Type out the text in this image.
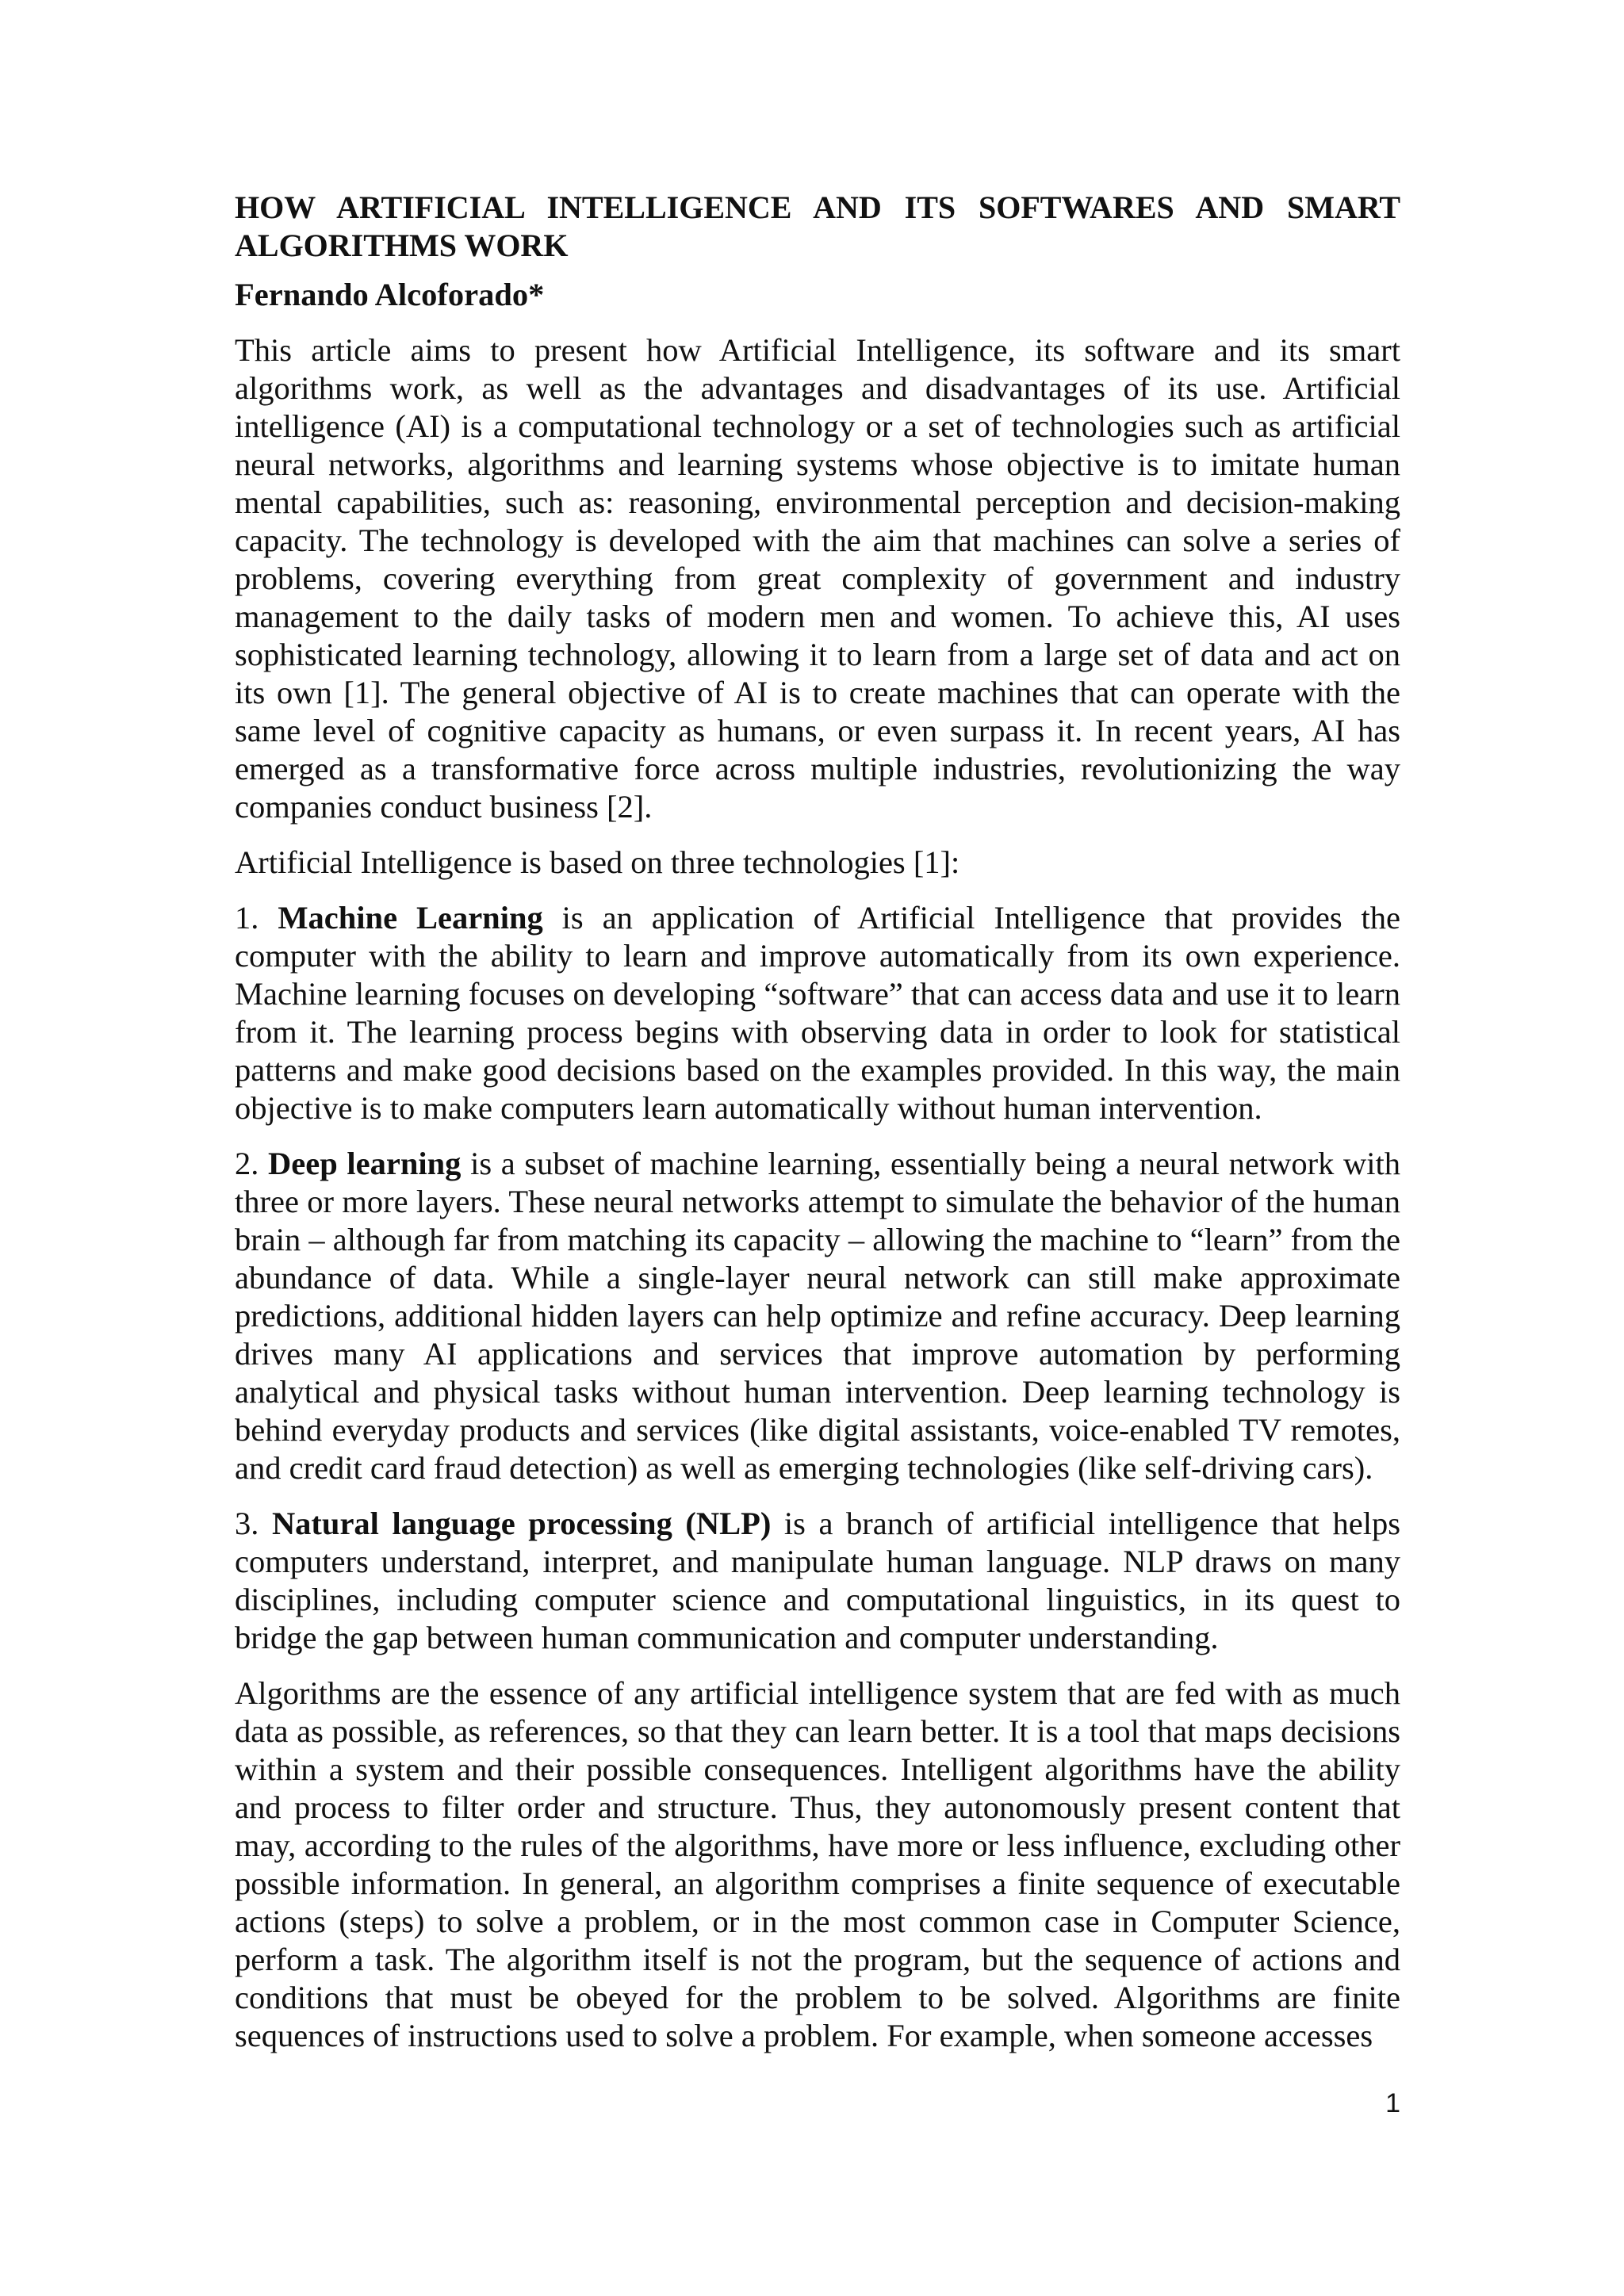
HOW ARTIFICIAL INTELLIGENCE AND ITS SOFTWARES AND SMART ALGORITHMS WORK
Fernando Alcoforado*

This article aims to present how Artificial Intelligence, its software and its smart algorithms work, as well as the advantages and disadvantages of its use. Artificial intelligence (AI) is a computational technology or a set of technologies such as artificial neural networks, algorithms and learning systems whose objective is to imitate human mental capabilities, such as: reasoning, environmental perception and decision-making capacity. The technology is developed with the aim that machines can solve a series of problems, covering everything from great complexity of government and industry management to the daily tasks of modern men and women. To achieve this, AI uses sophisticated learning technology, allowing it to learn from a large set of data and act on its own [1]. The general objective of AI is to create machines that can operate with the same level of cognitive capacity as humans, or even surpass it. In recent years, AI has emerged as a transformative force across multiple industries, revolutionizing the way companies conduct business [2].

Artificial Intelligence is based on three technologies [1]:

1. Machine Learning is an application of Artificial Intelligence that provides the computer with the ability to learn and improve automatically from its own experience. Machine learning focuses on developing “software” that can access data and use it to learn from it. The learning process begins with observing data in order to look for statistical patterns and make good decisions based on the examples provided. In this way, the main objective is to make computers learn automatically without human intervention.

2. Deep learning is a subset of machine learning, essentially being a neural network with three or more layers. These neural networks attempt to simulate the behavior of the human brain – although far from matching its capacity – allowing the machine to “learn” from the abundance of data. While a single-layer neural network can still make approximate predictions, additional hidden layers can help optimize and refine accuracy. Deep learning drives many AI applications and services that improve automation by performing analytical and physical tasks without human intervention. Deep learning technology is behind everyday products and services (like digital assistants, voice-enabled TV remotes, and credit card fraud detection) as well as emerging technologies (like self-driving cars).

3. Natural language processing (NLP) is a branch of artificial intelligence that helps computers understand, interpret, and manipulate human language. NLP draws on many disciplines, including computer science and computational linguistics, in its quest to bridge the gap between human communication and computer understanding.

Algorithms are the essence of any artificial intelligence system that are fed with as much data as possible, as references, so that they can learn better. It is a tool that maps decisions within a system and their possible consequences. Intelligent algorithms have the ability and process to filter order and structure. Thus, they autonomously present content that may, according to the rules of the algorithms, have more or less influence, excluding other possible information. In general, an algorithm comprises a finite sequence of executable actions (steps) to solve a problem, or in the most common case in Computer Science, perform a task. The algorithm itself is not the program, but the sequence of actions and conditions that must be obeyed for the problem to be solved. Algorithms are finite sequences of instructions used to solve a problem. For example, when someone accesses

1
